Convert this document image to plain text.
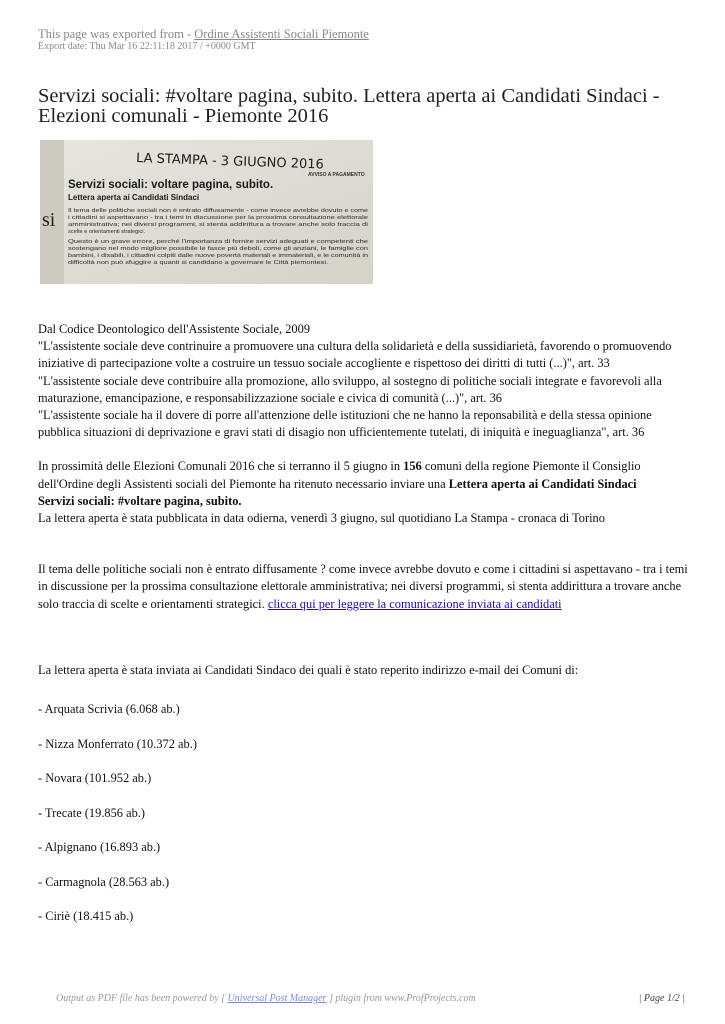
This page was exported from - Ordine Assistenti Sociali Piemonte
Export date: Thu Mar 16 22:11:18 2017 / +0000 GMT
Servizi sociali: #voltare pagina, subito. Lettera aperta ai Candidati Sindaci - Elezioni comunali - Piemonte 2016
si
LA STAMPA - 3 GIUGNO 2016
AVVISO A PAGAMENTO
Servizi sociali: voltare pagina, subito.
Lettera aperta ai Candidati Sindaci
Il tema delle politiche sociali non è entrato diffusamente - come invece avrebbe dovuto e come
i cittadini si aspettavano - tra i temi in discussione per la prossima consultazione elettorale
amministrativa; nei diversi programmi, si stenta addirittura a trovare anche solo traccia di
scelte e orientamenti strategici.
Questo è un grave errore, perché l'importanza di fornire servizi adeguati e competenti che
sostengano nel modo migliore possibile le fasce più deboli, come gli anziani, le famiglie con
bambini, i disabili, i cittadini colpiti dalle nuove povertà materiali e immateriali, e le comunità in
difficoltà non può sfuggire a quanti si candidano a governare le Città piemontesi.

Dal Codice Deontologico dell'Assistente Sociale, 2009

"L'assistente sociale deve contrinuire a promuovere una cultura della solidarietà e della sussidiarietà, favorendo o promuovendo iniziative di partecipazione volte a costruire un tessuo sociale accogliente e rispettoso dei diritti di tutti (...)", art. 33

"L'assistente sociale deve contribuire alla promozione, allo sviluppo, al sostegno di politiche sociali integrate e favorevoli alla maturazione, emancipazione, e responsabilizzazione sociale e civica di comunità (...)", art. 36

"L'assistente sociale ha il dovere di porre all'attenzione delle istituzioni che ne hanno la reponsabilità e della stessa opinione pubblica situazioni di deprivazione e gravi stati di disagio non ufficientemente tutelati, di iniquità e ineguaglianza", art. 36

In prossimità delle Elezioni Comunali 2016 che si terranno il 5 giugno in 156 comuni della regione Piemonte il Consiglio dell'Ordine degli Assistenti sociali del Piemonte ha ritenuto necessario inviare una Lettera aperta ai Candidati Sindaci
Servizi sociali: #voltare pagina, subito.

La lettera aperta è stata pubblicata in data odierna, venerdì 3 giugno, sul quotidiano La Stampa - cronaca di Torino

Il tema delle politiche sociali non è entrato diffusamente ? come invece avrebbe dovuto e come i cittadini si aspettavano - tra i temi in discussione per la prossima consultazione elettorale amministrativa; nei diversi programmi, si stenta addirittura a trovare anche solo traccia di scelte e orientamenti strategici. clicca qui per leggere la comunicazione inviata ai candidati

La lettera aperta è stata inviata ai Candidati Sindaco dei quali è stato reperito indirizzo e-mail dei Comuni di:

- Arquata Scrivia (6.068 ab.)
- Nizza Monferrato (10.372 ab.)
- Novara (101.952 ab.)
- Trecate (19.856 ab.)
- Alpignano (16.893 ab.)
- Carmagnola (28.563 ab.)
- Ciriè (18.415 ab.)
Output as PDF file has been powered by [ Universal Post Manager ] plugin from www.ProfProjects.com	| Page 1/2 |
